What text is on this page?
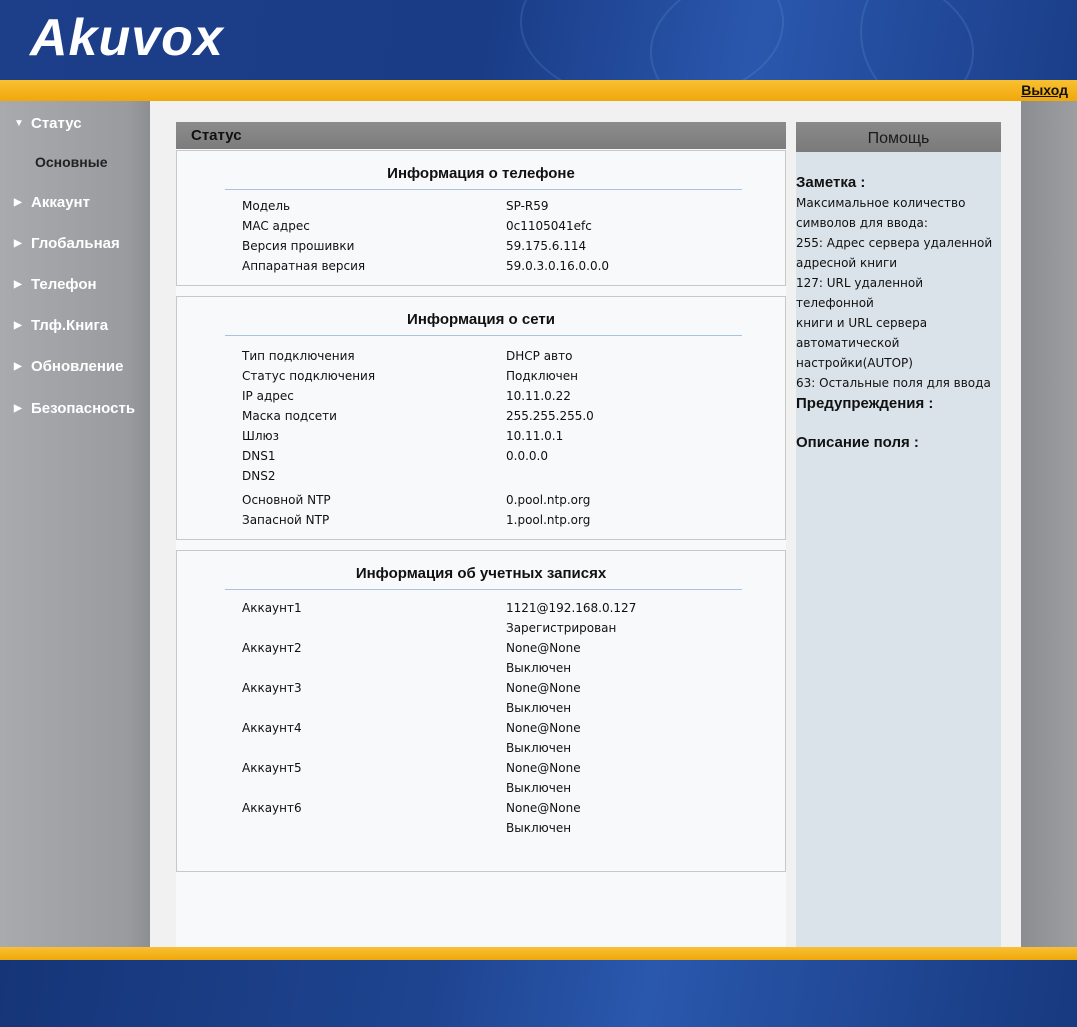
Akuvox
Выход
▼ Статус
Основные
▶ Аккаунт
▶ Глобальная
▶ Телефон
▶ Тлф.Книга
▶ Обновление
▶ Безопасность
Статус
Информация о телефоне
Модель	SP-R59
MAC адрес	0c1105041efc
Версия прошивки	59.175.6.114
Аппаратная версия	59.0.3.0.16.0.0.0
Информация о сети
Тип подключения	DHCP авто
Статус подключения	Подключен
IP адрес	10.11.0.22
Маска подсети	255.255.255.0
Шлюз	10.11.0.1
DNS1	0.0.0.0
DNS2
Основной NTP	0.pool.ntp.org
Запасной NTP	1.pool.ntp.org
Информация об учетных записях
Аккаунт1	1121@192.168.0.127
Зарегистрирован
Аккаунт2	None@None
Выключен
Аккаунт3	None@None
Выключен
Аккаунт4	None@None
Выключен
Аккаунт5	None@None
Выключен
Аккаунт6	None@None
Выключен
Помощь
Заметка :
Максимальное количество
символов для ввода:
255: Адрес сервера удаленной
адресной книги
127: URL удаленной телефонной
книги и URL сервера
автоматической
настройки(AUTOP)
63: Остальные поля для ввода
Предупреждения :
Описание поля :
